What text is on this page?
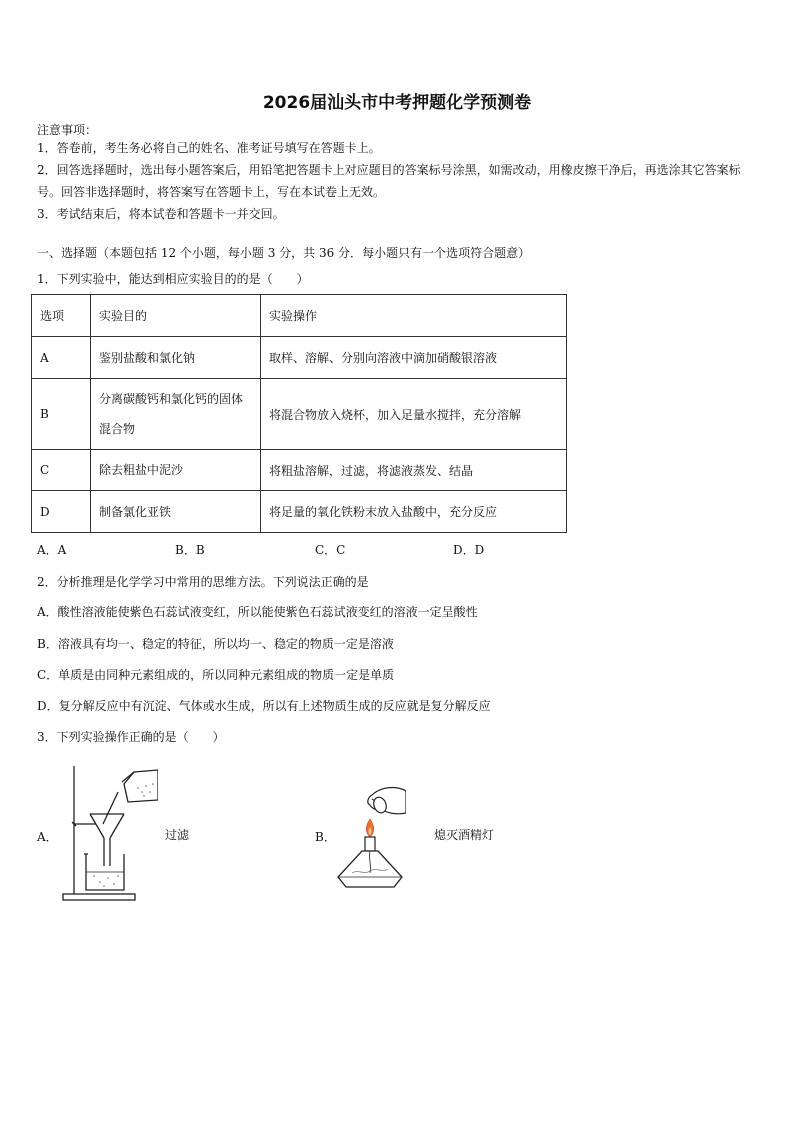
2026届汕头市中考押题化学预测卷
注意事项：
1．答卷前，考生务必将自己的姓名、准考证号填写在答题卡上。
2．回答选择题时，选出每小题答案后，用铅笔把答题卡上对应题目的答案标号涂黑，如需改动，用橡皮擦干净后，再选涂其它答案标号。回答非选择题时，将答案写在答题卡上，写在本试卷上无效。
3．考试结束后，将本试卷和答题卡一并交回。
一、选择题（本题包括 12 个小题，每小题 3 分，共 36 分．每小题只有一个选项符合题意）
1．下列实验中，能达到相应实验目的的是（　　）
选项	实验目的	实验操作
A	鉴别盐酸和氯化钠	取样、溶解、分别向溶液中滴加硝酸银溶液
B	分离碳酸钙和氯化钙的固体混合物	将混合物放入烧杯，加入足量水搅拌，充分溶解
C	除去粗盐中泥沙	将粗盐溶解，过滤，将滤液蒸发、结晶
D	制备氯化亚铁	将足量的氧化铁粉末放入盐酸中，充分反应
A．A	B．B	C．C	D．D
2．分析推理是化学学习中常用的思维方法。下列说法正确的是
A．酸性溶液能使紫色石蕊试液变红，所以能使紫色石蕊试液变红的溶液一定呈酸性
B．溶液具有均一、稳定的特征，所以均一、稳定的物质一定是溶液
C．单质是由同种元素组成的，所以同种元素组成的物质一定是单质
D．复分解反应中有沉淀、气体或水生成，所以有上述物质生成的反应就是复分解反应
3．下列实验操作正确的是（　　）
A．	过滤	B．	熄灭酒精灯
